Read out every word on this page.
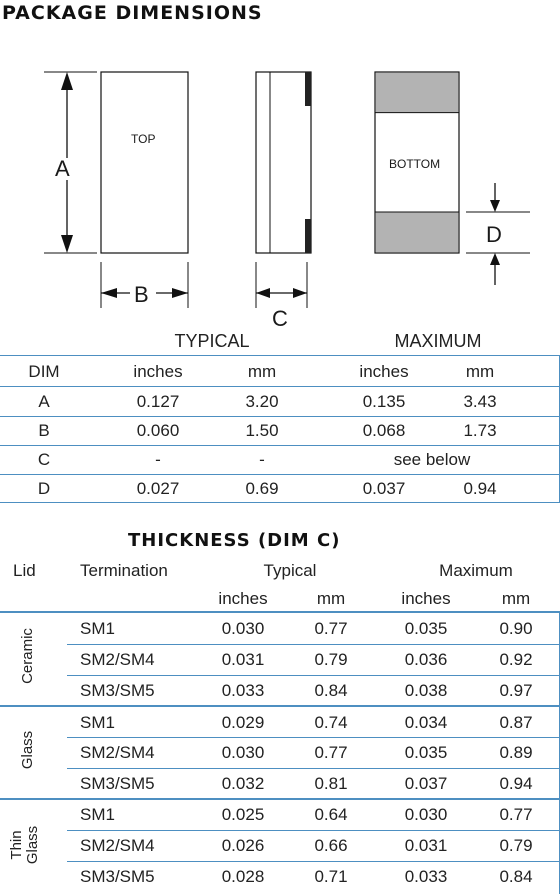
PACKAGE DIMENSIONS
A
TOP
B
C
BOTTOM
D
TYPICAL	MAXIMUM
DIM	inches	mm	inches	mm
A	0.127	3.20	0.135	3.43
B	0.060	1.50	0.068	1.73
C	-	-	see below
D	0.027	0.69	0.037	0.94
THICKNESS (DIM C)
Lid	Termination	Typical	Maximum
inches	mm	inches	mm
Ceramic	SM1	0.030	0.77	0.035	0.90
SM2/SM4	0.031	0.79	0.036	0.92
SM3/SM5	0.033	0.84	0.038	0.97
Glass
SM1	0.029	0.74	0.034	0.87
SM2/SM4	0.030	0.77	0.035	0.89
SM3/SM5	0.032	0.81	0.037	0.94
Thin
Glass
SM1	0.025	0.64	0.030	0.77
SM2/SM4	0.026	0.66	0.031	0.79
SM3/SM5	0.028	0.71	0.033	0.84
